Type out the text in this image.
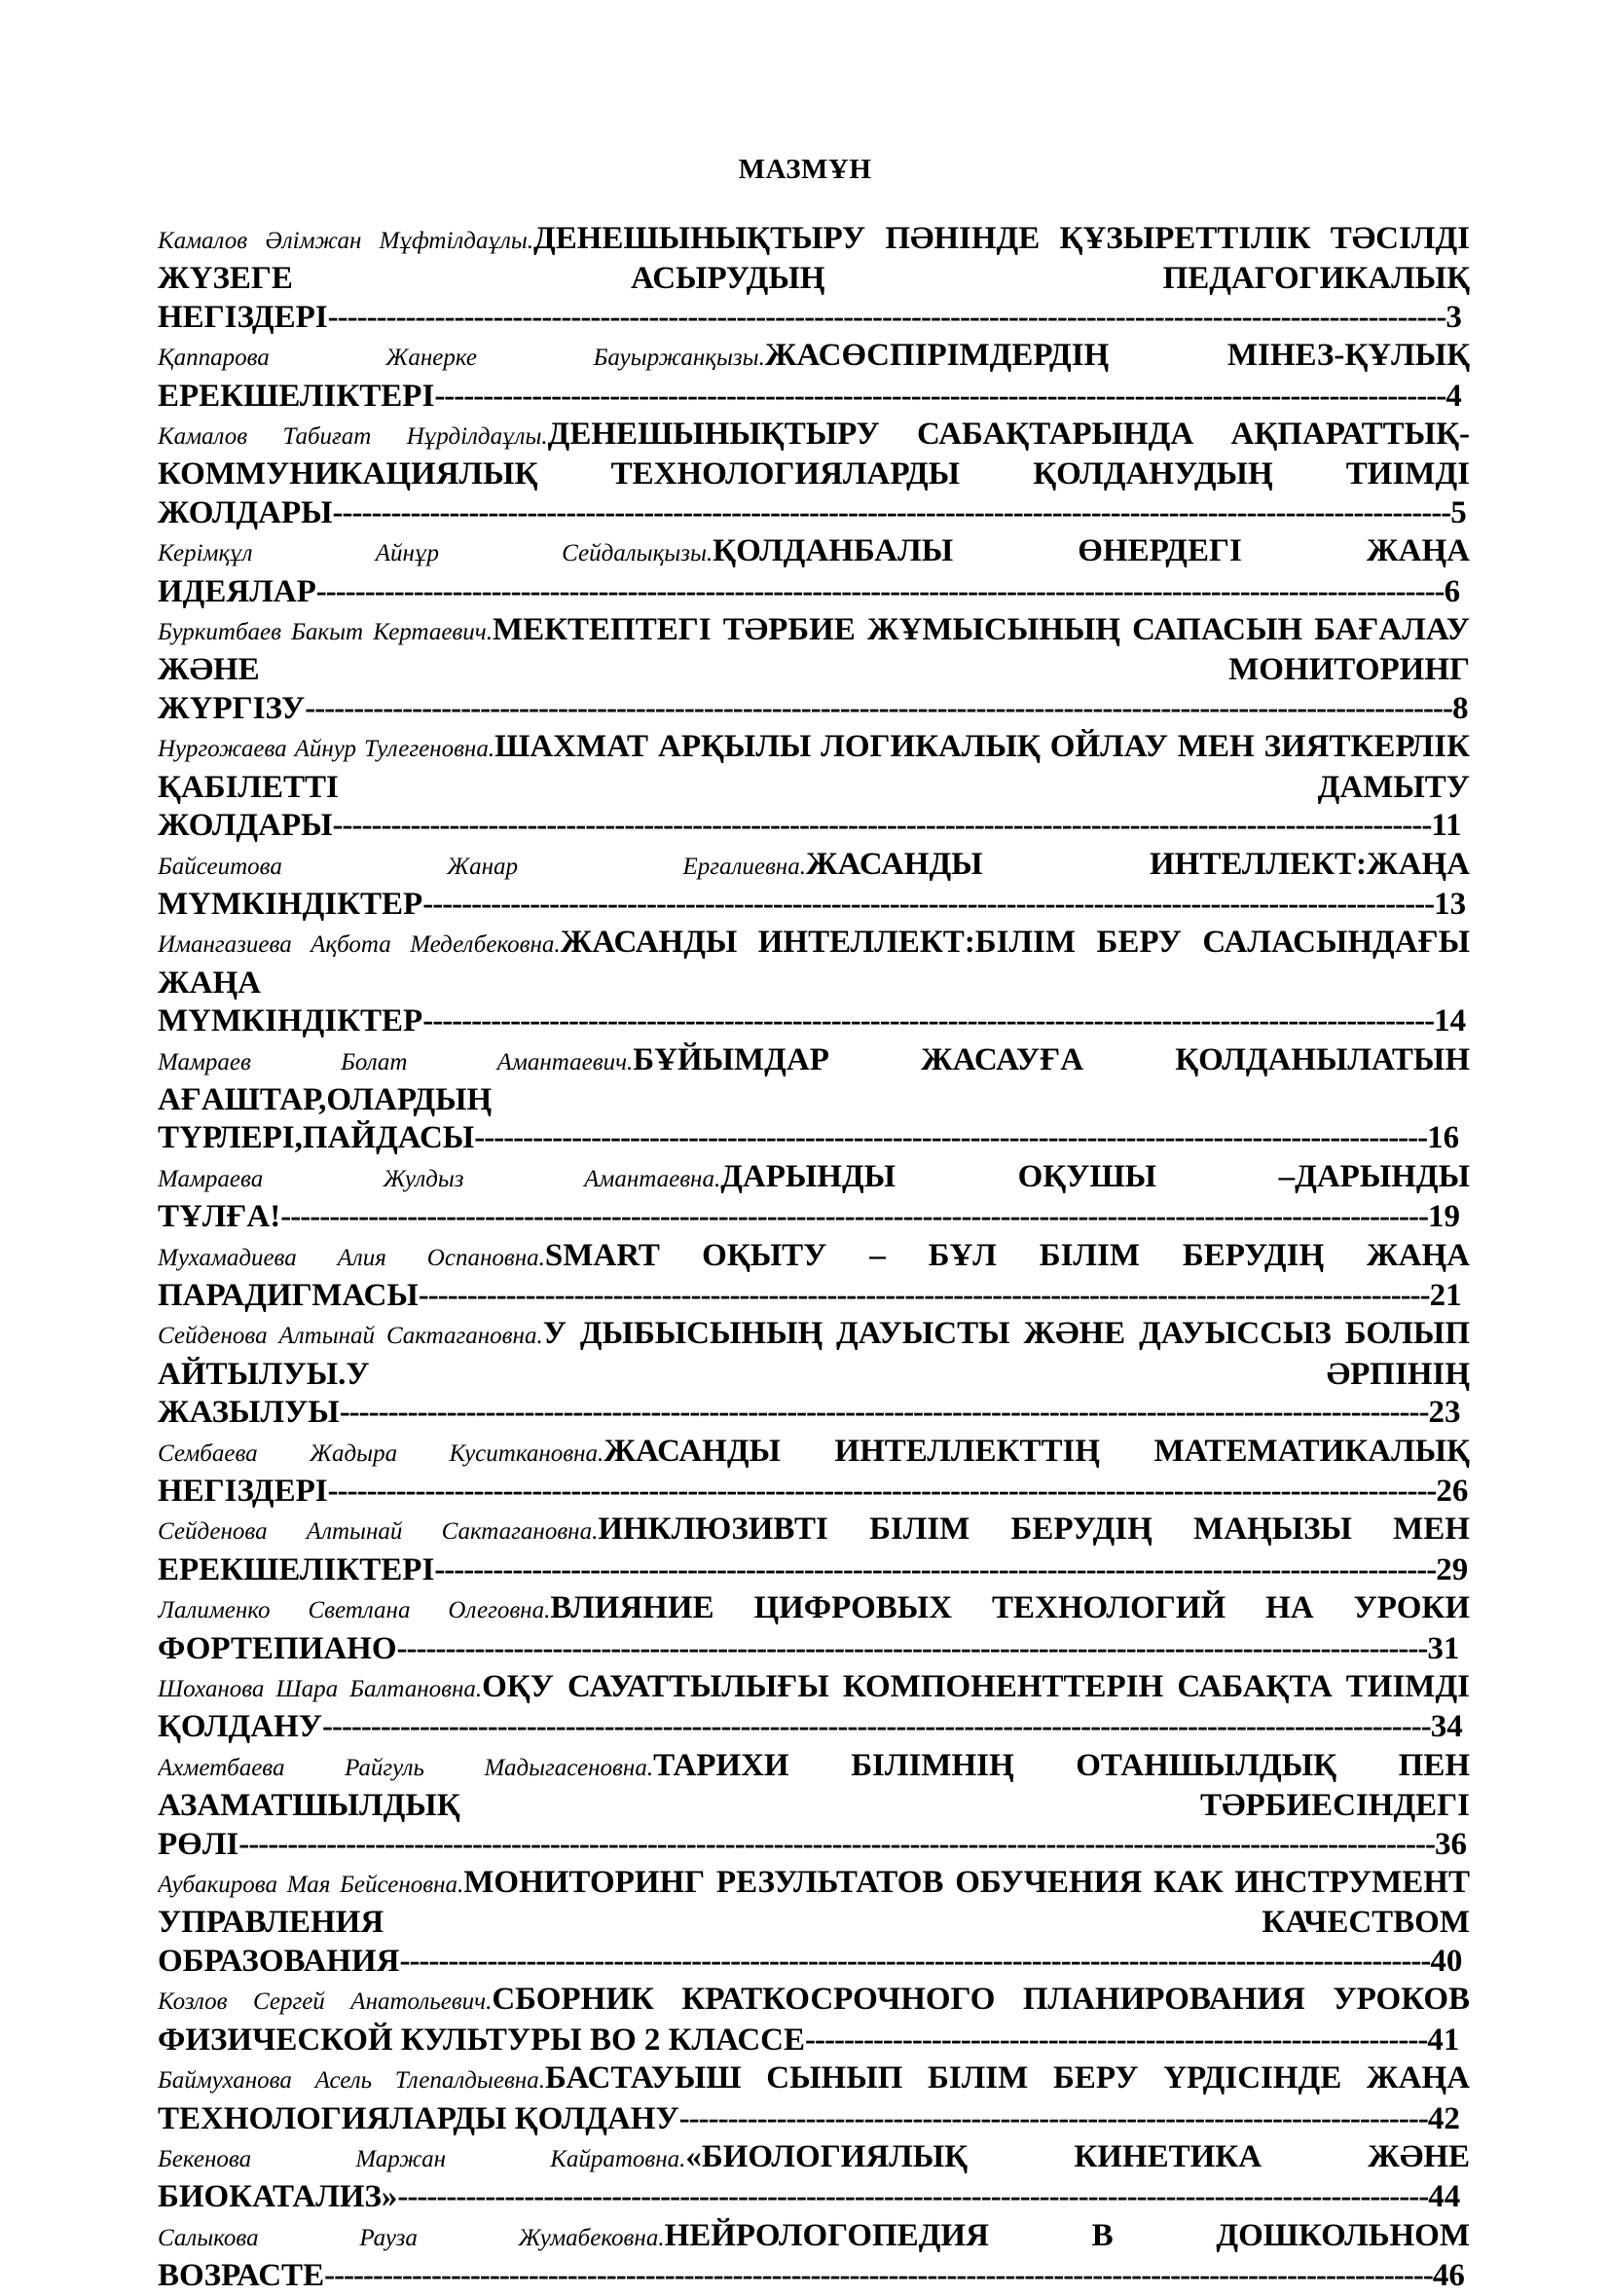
МАЗМҰН
Камалов Әлімжан Мұфтілдаұлы.ДЕНЕШЫНЫҚТЫРУ ПӘНІНДЕ ҚҰЗЫРЕТТІЛІК ТӘСІЛДІ ЖҮЗЕГЕ АСЫРУДЫҢ ПЕДАГОГИКАЛЫҚ НЕГІЗДЕРІ-------------------------------------------------------------------------------------------------------------------3
Қаппарова Жанерке Бауыржанқызы.ЖАСӨСПІРІМДЕРДІҢ МІНЕЗ-ҚҰЛЫҚ ЕРЕКШЕЛІКТЕРІ--------------------------------------------------------------------------------------------------------4
Камалов Табиғат Нұрділдаұлы.ДЕНЕШЫНЫҚТЫРУ САБАҚТАРЫНДА АҚПАРАТТЫҚ-КОММУНИКАЦИЯЛЫҚ ТЕХНОЛОГИЯЛАРДЫ ҚОЛДАНУДЫҢ ТИІМДІ ЖОЛДАРЫ-------------------------------------------------------------------------------------------------------------------5
Керімқұл Айнұр Сейдалықызы.ҚОЛДАНБАЛЫ ӨНЕРДЕГІ ЖАҢА ИДЕЯЛАР--------------------------------------------------------------------------------------------------------------------6
Буркитбаев Бакыт Кертаевич.МЕКТЕПТЕГІ ТӘРБИЕ ЖҰМЫСЫНЫҢ САПАСЫН БАҒАЛАУ ЖӘНЕ МОНИТОРИНГ ЖҮРГІЗУ----------------------------------------------------------------------------------------------------------------------8
Нургожаева Айнур Тулегеновна.ШАХМАТ АРҚЫЛЫ ЛОГИКАЛЫҚ ОЙЛАУ МЕН ЗИЯТКЕРЛІК ҚАБІЛЕТТІ ДАМЫТУ ЖОЛДАРЫ-----------------------------------------------------------------------------------------------------------------11
Байсеитова Жанар Ергалиевна.ЖАСАНДЫ ИНТЕЛЛЕКТ:ЖАҢА МҮМКІНДІКТЕР--------------------------------------------------------------------------------------------------------13
Имангазиева Ақбота Меделбековна.ЖАСАНДЫ ИНТЕЛЛЕКТ:БІЛІМ БЕРУ САЛАСЫНДАҒЫ ЖАҢА МҮМКІНДІКТЕР--------------------------------------------------------------------------------------------------------14
Мамраев Болат Амантаевич.БҰЙЫМДАР ЖАСАУҒА ҚОЛДАНЫЛАТЫН АҒАШТАР,ОЛАРДЫҢ ТҮРЛЕРІ,ПАЙДАСЫ--------------------------------------------------------------------------------------------------16
Мамраева Жулдыз Амантаевна.ДАРЫНДЫ ОҚУШЫ –ДАРЫНДЫ ТҰЛҒА!----------------------------------------------------------------------------------------------------------------------19
Мухамадиева Алия Оспановна.SMART ОҚЫТУ – БҰЛ БІЛІМ БЕРУДІҢ ЖАҢА ПАРАДИГМАСЫ--------------------------------------------------------------------------------------------------------21
Сейденова Алтынай Сактагановна.У ДЫБЫСЫНЫҢ ДАУЫСТЫ ЖӘНЕ ДАУЫССЫЗ БОЛЫП АЙТЫЛУЫ.У ӘРПІНІҢ ЖАЗЫЛУЫ----------------------------------------------------------------------------------------------------------------23
Сембаева Жадыра Куситкановна.ЖАСАНДЫ ИНТЕЛЛЕКТТІҢ МАТЕМАТИКАЛЫҚ НЕГІЗДЕРІ------------------------------------------------------------------------------------------------------------------26
Сейденова Алтынай Сактагановна.ИНКЛЮЗИВТІ БІЛІМ БЕРУДІҢ МАҢЫЗЫ МЕН ЕРЕКШЕЛІКТЕРІ-------------------------------------------------------------------------------------------------------29
Лалименко Светлана Олеговна.ВЛИЯНИЕ ЦИФРОВЫХ ТЕХНОЛОГИЙ НА УРОКИ ФОРТЕПИАНО----------------------------------------------------------------------------------------------------------31
Шоханова Шара Балтановна.ОҚУ САУАТТЫЛЫҒЫ КОМПОНЕНТТЕРІН САБАҚТА ТИІМДІ ҚОЛДАНУ------------------------------------------------------------------------------------------------------------------34
Ахметбаева Райгуль Мадыгасеновна.ТАРИХИ БІЛІМНІҢ ОТАНШЫЛДЫҚ ПЕН АЗАМАТШЫЛДЫҚ ТӘРБИЕСІНДЕГІ РӨЛІ---------------------------------------------------------------------------------------------------------------------------36
Аубакирова Мая Бейсеновна.МОНИТОРИНГ РЕЗУЛЬТАТОВ ОБУЧЕНИЯ КАК ИНСТРУМЕНТ УПРАВЛЕНИЯ КАЧЕСТВОМ ОБРАЗОВАНИЯ----------------------------------------------------------------------------------------------------------40
Козлов Сергей Анатольевич.СБОРНИК КРАТКОСРОЧНОГО ПЛАНИРОВАНИЯ УРОКОВ ФИЗИЧЕСКОЙ КУЛЬТУРЫ ВО 2 КЛАССЕ----------------------------------------------------------------41
Баймуханова Асель Тлепалдыевна.БАСТАУЫШ СЫНЫП БІЛІМ БЕРУ ҮРДІСІНДЕ ЖАҢА ТЕХНОЛОГИЯЛАРДЫ ҚОЛДАНУ-----------------------------------------------------------------------------42
Бекенова Маржан Кайратовна.«БИОЛОГИЯЛЫҚ КИНЕТИКА ЖӘНЕ БИОКАТАЛИЗ»----------------------------------------------------------------------------------------------------------44
Салыкова Рауза Жумабековна.НЕЙРОЛОГОПЕДИЯ В ДОШКОЛЬНОМ ВОЗРАСТЕ------------------------------------------------------------------------------------------------------------------46
